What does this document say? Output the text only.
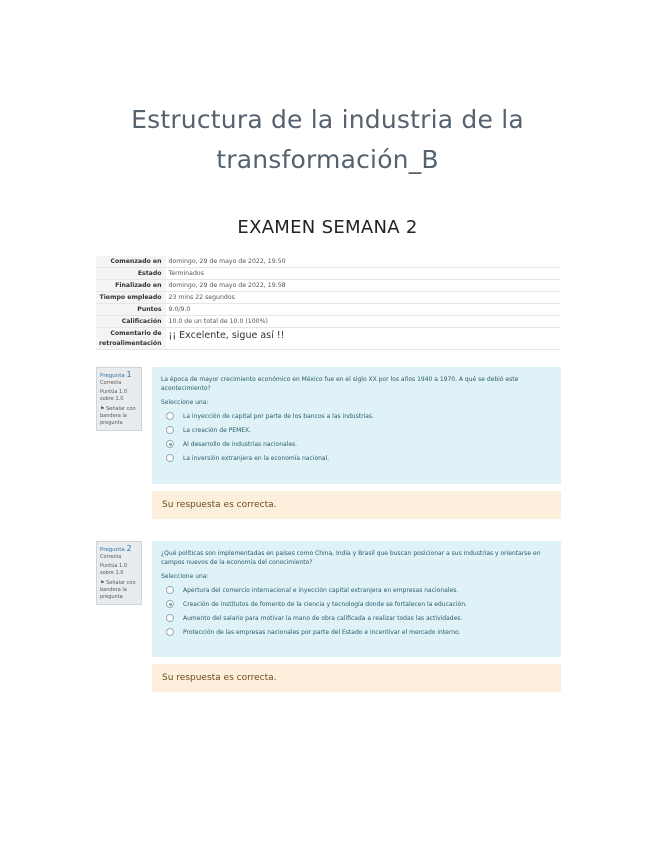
Estructura de la industria de la
transformación_B
EXAMEN SEMANA 2
Comenzado en	domingo, 29 de mayo de 2022, 19:50
Estado	Terminados
Finalizado en	domingo, 29 de mayo de 2022, 19:58
Tiempo empleado	23 mins 22 segundos
Puntos	9.0/9.0
Calificación	10.0 de un total de 10.0 (100%)
Comentario de retroalimentación	¡¡ Excelente, sigue así !!
Pregunta 1
Correcta
Puntúa 1.0 sobre 1.0
⚑ Señalar con bandera la pregunta
La época de mayor crecimiento económico en México fue en el siglo XX por los años 1940 a 1970. A qué se debió este acontecimiento?
Seleccione una:
La inyección de capital por parte de los bancos a las industrias.
La creación de PEMEX.
Al desarrollo de industrias nacionales.
La inversión extranjera en la economía nacional.
Su respuesta es correcta.
Pregunta 2
Correcta
Puntúa 1.0 sobre 1.0
⚑ Señalar con bandera la pregunta
¿Qué políticas son implementadas en países como China, India y Brasil que buscan posicionar a sus industrias y orientarse en campos nuevos de la economía del conocimiento?
Seleccione una:
Apertura del comercio internacional e inyección capital extranjera en empresas nacionales.
Creación de institutos de fomento de la ciencia y tecnología donde se fortalecen la educación.
Aumento del salario para motivar la mano de obra calificada a realizar todas las actividades.
Protección de las empresas nacionales por parte del Estado e incentivar el mercado interno.
Su respuesta es correcta.
